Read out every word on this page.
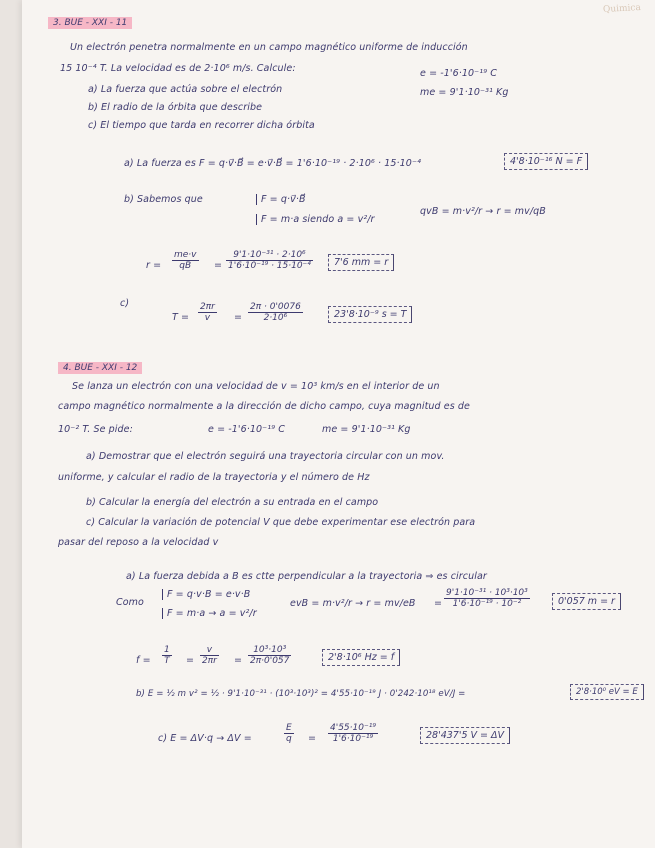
Quimica
3. BUE - XXI - 11
Un electrón penetra normalmente en un campo magnético uniforme de inducción
15 10⁻⁴ T. La velocidad es de 2·10⁶ m/s. Calcule:	e = -1'6·10⁻¹⁹ C
me = 9'1·10⁻³¹ Kg
a) La fuerza que actúa sobre el electrón
b) El radio de la órbita que describe
c) El tiempo que tarda en recorrer dicha órbita
a) La fuerza es F = q·v⃗·B⃗ = e·v⃗·B⃗ = 1'6·10⁻¹⁹ · 2·10⁶ · 15·10⁻⁴	4'8·10⁻¹⁶ N = F
b) Sabemos que	F = q·v⃗·B⃗
F = m·a siendo a = v²/r
qvB = m·v²/r → r = mv/qB
$r = \frac{me\cdot v}{qB} = \frac{\text{9'1·10⁻³¹ · 2·10⁶}}{\text{1'6·10⁻¹⁹ · 15·10⁻⁴}}$	7'6 mm = r
c)
$T = \frac{2\pi r}{v} = \frac{2\pi \cdot 0'0076}{\text{2·10⁶}}$	23'8·10⁻⁹ s = T
4. BUE - XXI - 12
Se lanza un electrón con una velocidad de v = 10³ km/s en el interior de un
campo magnético normalmente a la dirección de dicho campo, cuya magnitud es de
10⁻² T. Se pide:	e = -1'6·10⁻¹⁹ C	me = 9'1·10⁻³¹ Kg
a) Demostrar que el electrón seguirá una trayectoria circular con un mov.
uniforme, y calcular el radio de la trayectoria y el número de Hz
b) Calcular la energía del electrón a su entrada en el campo
c) Calcular la variación de potencial V que debe experimentar ese electrón para
pasar del reposo a la velocidad v
a) La fuerza debida a B es ctte perpendicular a la trayectoria ⇒ es circular
Como
F = q·v·B = e·v·B
F = m·a → a = v²/r
evB = $m\cdot v^2/r \to r = mv/eB = \frac{\text{9'1·10⁻³¹ · 10³·10³}}{\text{1'6·10⁻¹⁹ · 10⁻²}}$	0'057 m = r
$f = \frac{1}{T} = \frac{v}{2\pi r} = \frac{\text{10³·10³}}{2\pi\cdot 0'057}$	2'8·10⁶ Hz = f
b) E = ½ m v² = ½ · 9'1·10⁻³¹ · (10³·10³)² = 4'55·10⁻¹⁹ J · 0'242·10¹⁸ eV/J =	2'8·10⁰ eV = E
c) E = ΔV·q → ΔV =	$\frac{E}{q} = \frac{\text{4'55·10⁻¹⁹}}{\text{1'6·10⁻¹⁹}}$	28'437'5 V = ΔV
